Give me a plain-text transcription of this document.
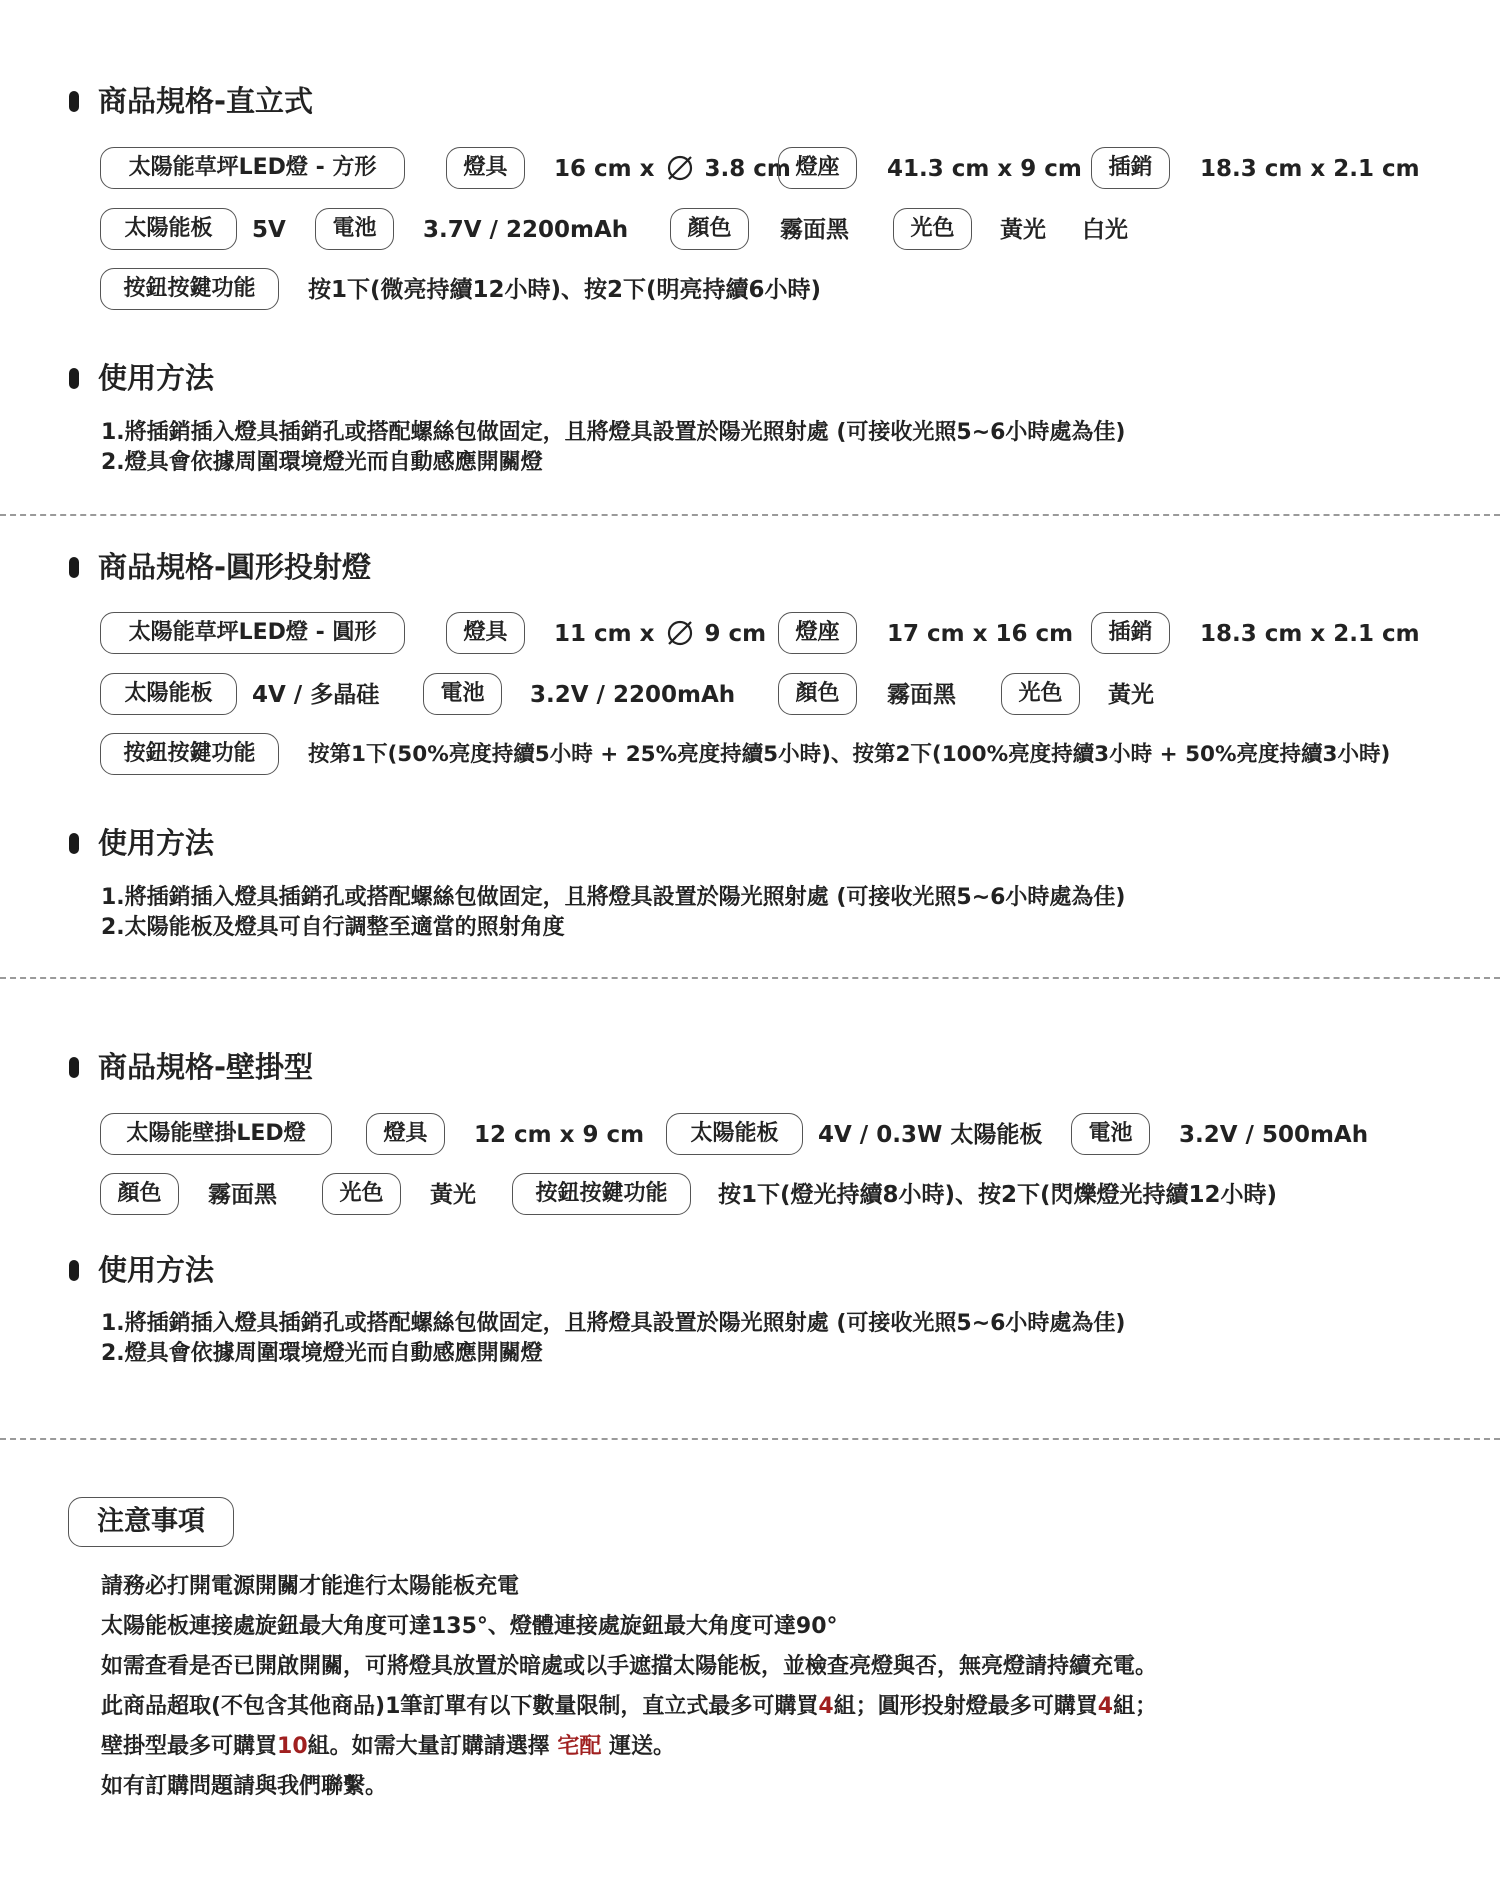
商品規格-直立式
太陽能草坪LED燈 - 方形	燈具	16 cm x  3.8 cm 燈座	41.3 cm x 9 cm	插銷	18.3 cm x 2.1 cm
太陽能板	5V	電池	3.7V / 2200mAh	顏色	霧面黑	光色	黃光 白光
按鈕按鍵功能	按1下(微亮持續12小時)、按2下(明亮持續6小時)
使用方法
1.將插銷插入燈具插銷孔或搭配螺絲包做固定，且將燈具設置於陽光照射處 (可接收光照5~6小時處為佳)
2.燈具會依據周圍環境燈光而自動感應開關燈
商品規格-圓形投射燈
太陽能草坪LED燈 - 圓形	燈具	11 cm x  9 cm	燈座	17 cm x 16 cm	插銷	18.3 cm x 2.1 cm
太陽能板	4V / 多晶硅	電池	3.2V / 2200mAh	顏色	霧面黑	光色	黃光
按鈕按鍵功能	按第1下(50%亮度持續5小時 + 25%亮度持續5小時)、按第2下(100%亮度持續3小時 + 50%亮度持續3小時)
使用方法
1.將插銷插入燈具插銷孔或搭配螺絲包做固定，且將燈具設置於陽光照射處 (可接收光照5~6小時處為佳)
2.太陽能板及燈具可自行調整至適當的照射角度
商品規格-壁掛型
太陽能壁掛LED燈	燈具	12 cm x 9 cm	太陽能板	4V / 0.3W 太陽能板	電池	3.2V / 500mAh
顏色	霧面黑	光色	黃光	按鈕按鍵功能	按1下(燈光持續8小時)、按2下(閃爍燈光持續12小時)
使用方法
1.將插銷插入燈具插銷孔或搭配螺絲包做固定，且將燈具設置於陽光照射處 (可接收光照5~6小時處為佳)
2.燈具會依據周圍環境燈光而自動感應開關燈
注意事項
請務必打開電源開關才能進行太陽能板充電
太陽能板連接處旋鈕最大角度可達135°、燈體連接處旋鈕最大角度可達90°
如需查看是否已開啟開關，可將燈具放置於暗處或以手遮擋太陽能板，並檢查亮燈與否，無亮燈請持續充電。
此商品超取(不包含其他商品)1筆訂單有以下數量限制，直立式最多可購買4組；圓形投射燈最多可購買4組；
壁掛型最多可購買10組。如需大量訂購請選擇 宅配 運送。
如有訂購問題請與我們聯繫。
